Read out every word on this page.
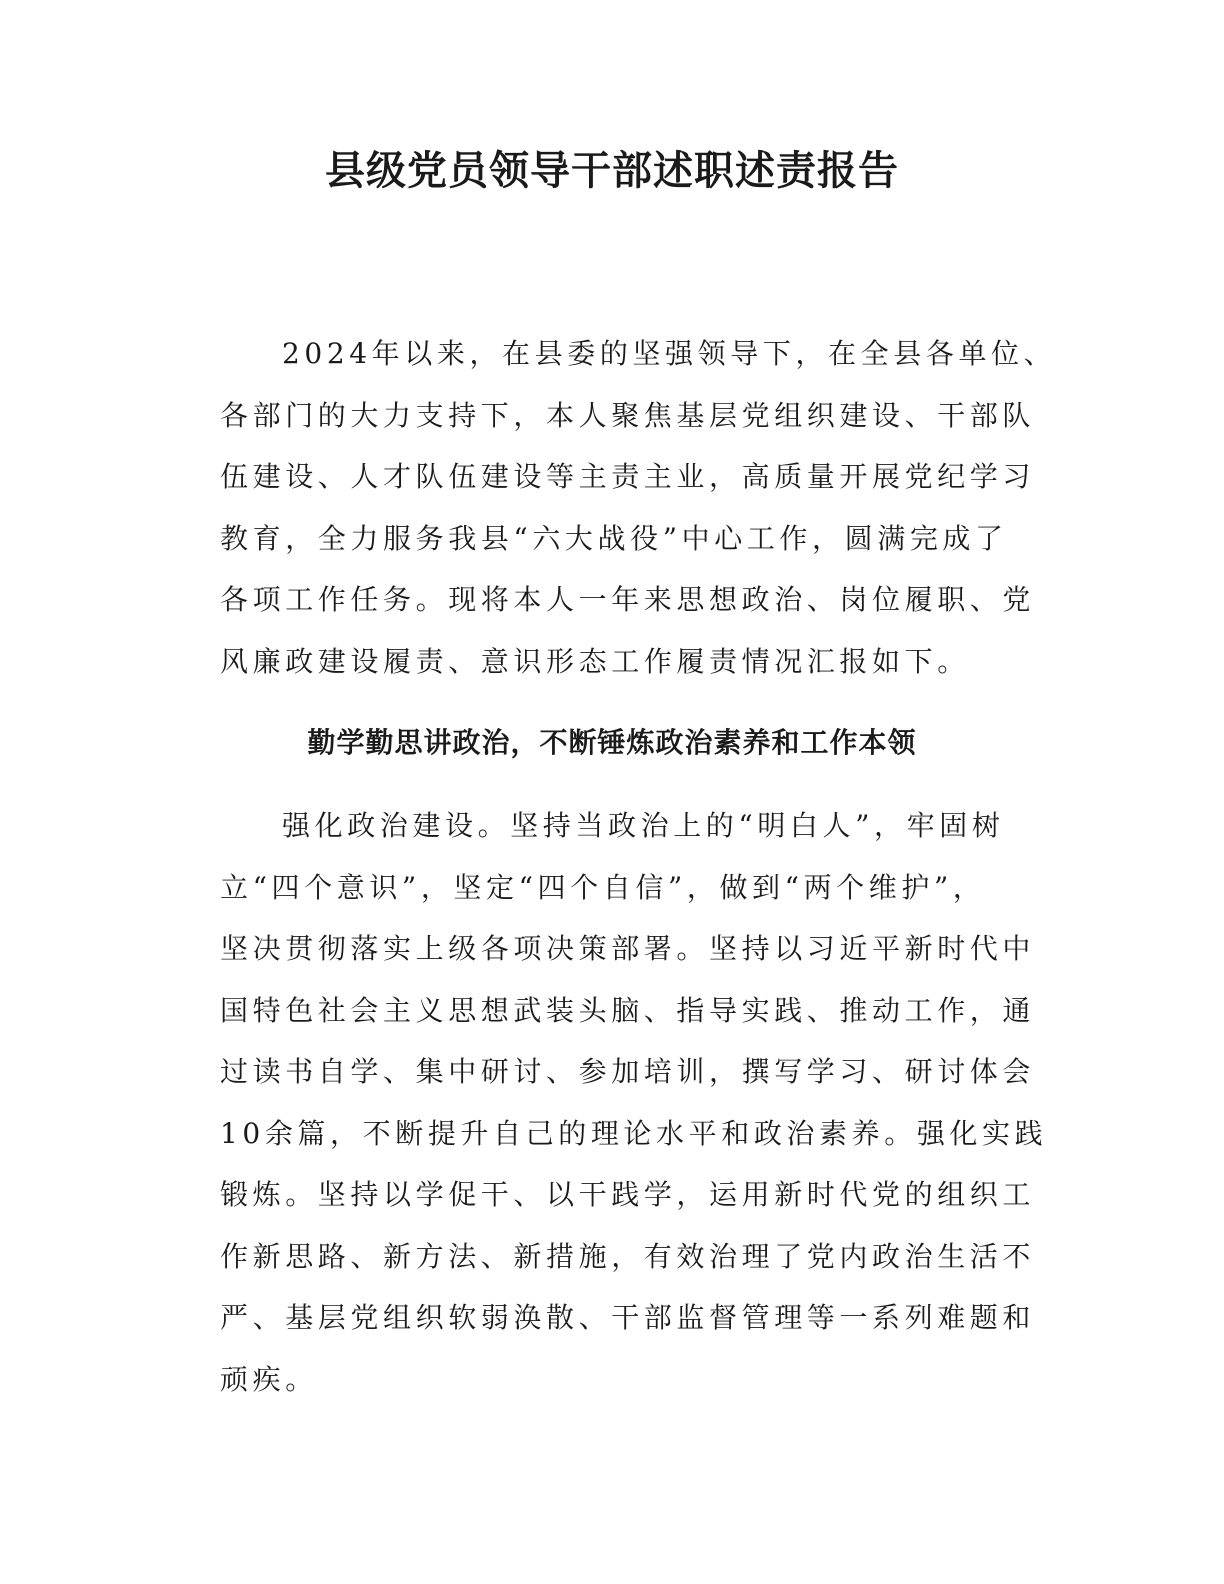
县级党员领导干部述职述责报告
2024年以来，在县委的坚强领导下，在全县各单位、
各部门的大力支持下，本人聚焦基层党组织建设、干部队
伍建设、人才队伍建设等主责主业，高质量开展党纪学习
教育，全力服务我县“六大战役”中心工作，圆满完成了
各项工作任务。现将本人一年来思想政治、岗位履职、党
风廉政建设履责、意识形态工作履责情况汇报如下。
勤学勤思讲政治，不断锤炼政治素养和工作本领
强化政治建设。坚持当政治上的“明白人”，牢固树
立“四个意识”，坚定“四个自信”，做到“两个维护”，
坚决贯彻落实上级各项决策部署。坚持以习近平新时代中
国特色社会主义思想武装头脑、指导实践、推动工作，通
过读书自学、集中研讨、参加培训，撰写学习、研讨体会
10余篇，不断提升自己的理论水平和政治素养。强化实践
锻炼。坚持以学促干、以干践学，运用新时代党的组织工
作新思路、新方法、新措施，有效治理了党内政治生活不
严、基层党组织软弱涣散、干部监督管理等一系列难题和
顽疾。
